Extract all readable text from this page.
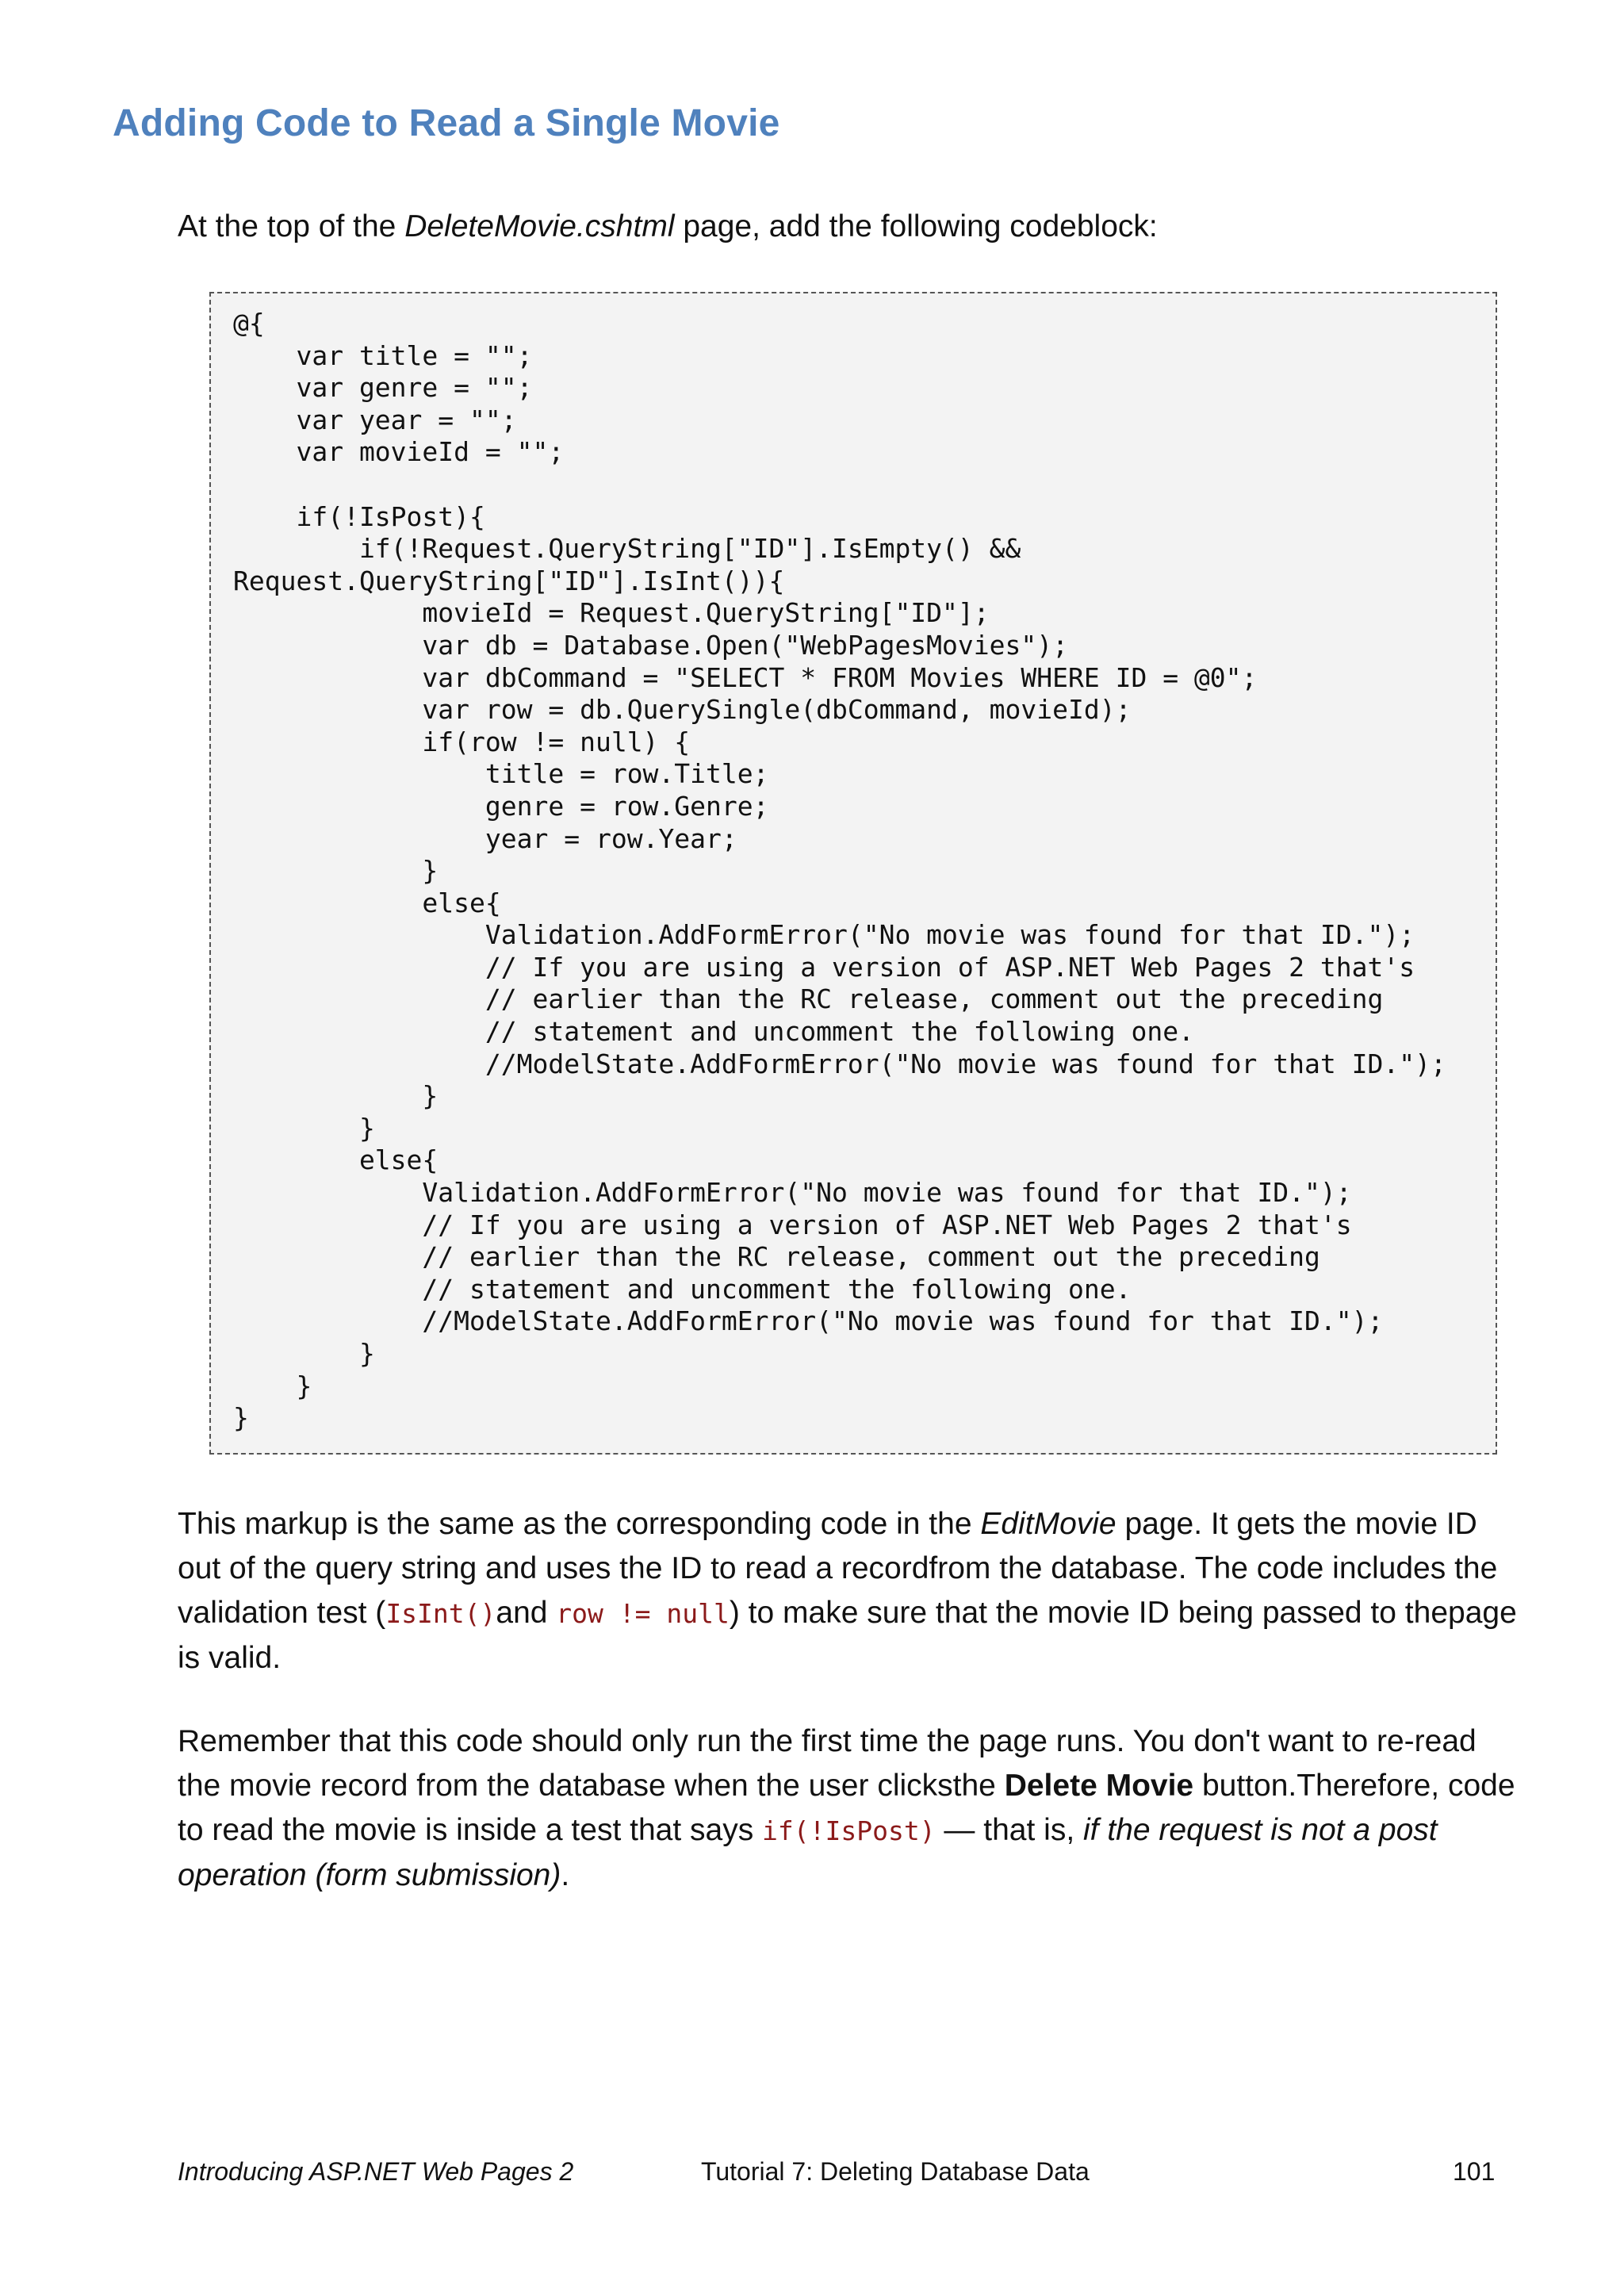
Adding Code to Read a Single Movie

At the top of the DeleteMovie.cshtml page, add the following codeblock:

@{
var title = "";
var genre = "";
var year = "";
var movieId = "";

if(!IsPost){
if(!Request.QueryString["ID"].IsEmpty() &&
Request.QueryString["ID"].IsInt()){
movieId = Request.QueryString["ID"];
var db = Database.Open("WebPagesMovies");
var dbCommand = "SELECT * FROM Movies WHERE ID = @0";
var row = db.QuerySingle(dbCommand, movieId);
if(row != null) {
title = row.Title;
genre = row.Genre;
year = row.Year;
}
else{
Validation.AddFormError("No movie was found for that ID.");
// If you are using a version of ASP.NET Web Pages 2 that's
// earlier than the RC release, comment out the preceding
// statement and uncomment the following one.
//ModelState.AddFormError("No movie was found for that ID.");
}
}
else{
Validation.AddFormError("No movie was found for that ID.");
// If you are using a version of ASP.NET Web Pages 2 that's
// earlier than the RC release, comment out the preceding
// statement and uncomment the following one.
//ModelState.AddFormError("No movie was found for that ID.");
}
}
}

This markup is the same as the corresponding code in the EditMovie page. It gets the movie ID out of the query string and uses the ID to read a recordfrom the database. The code includes the validation test (IsInt()and row != null) to make sure that the movie ID being passed to thepage is valid.

Remember that this code should only run the first time the page runs. You don't want to re-read the movie record from the database when the user clicksthe Delete Movie button.Therefore, code to read the movie is inside a test that says if(!IsPost) — that is, if the request is not a post operation (form submission).

Introducing ASP.NET Web Pages 2	Tutorial 7: Deleting Database Data	101
